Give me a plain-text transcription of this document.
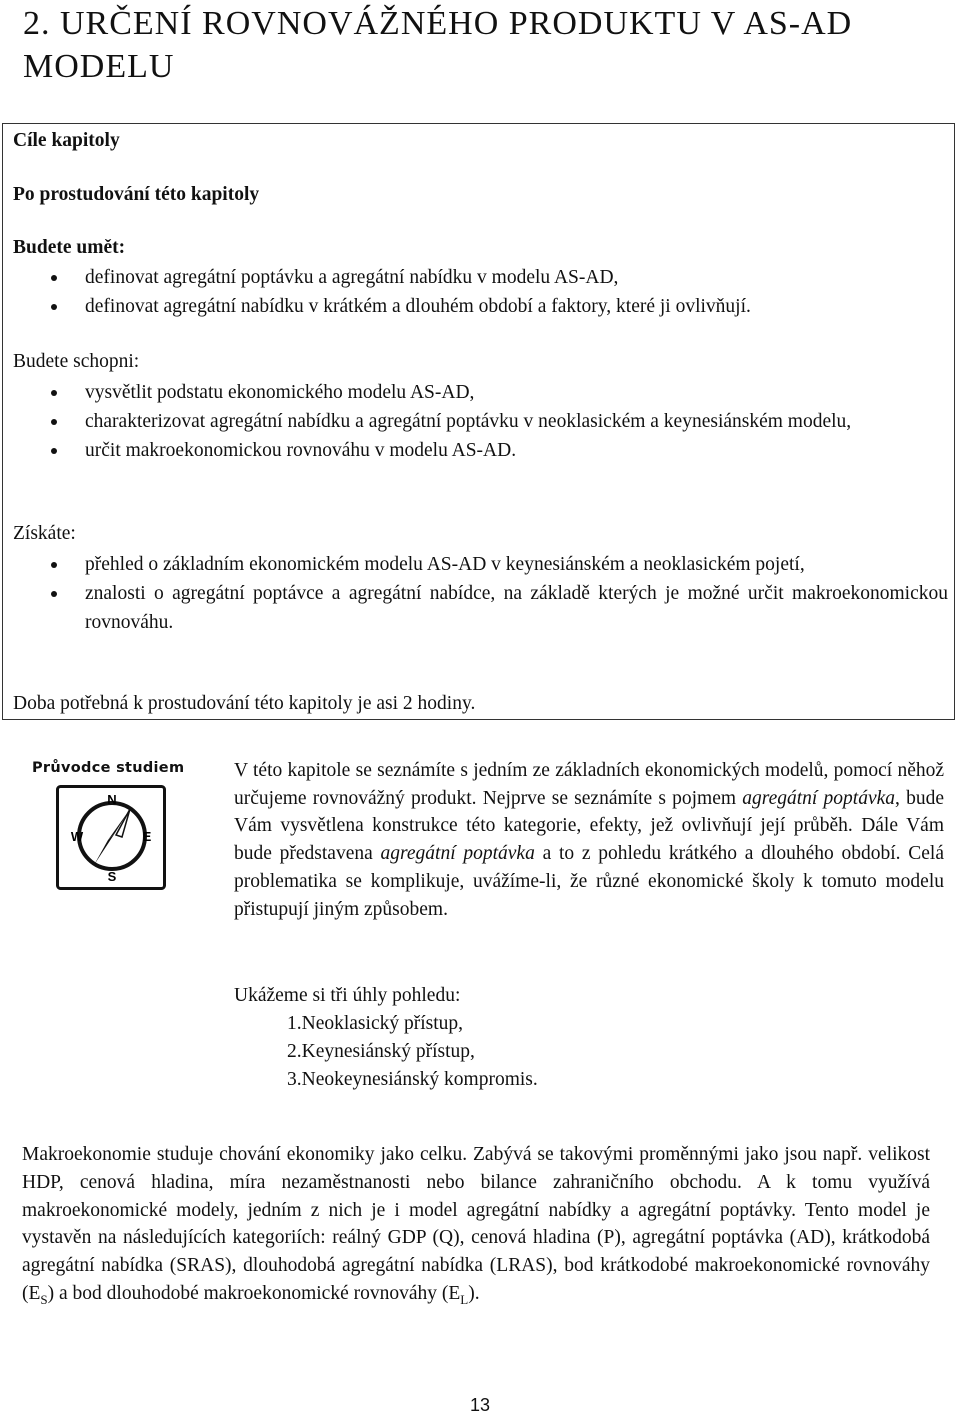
2. URČENÍ ROVNOVÁŽNÉHO PRODUKTU V AS-AD MODELU
Cíle kapitoly
Po prostudování této kapitoly
Budete umět:
definovat agregátní poptávku a agregátní nabídku v modelu AS-AD,
definovat agregátní nabídku v krátkém a dlouhém období a faktory, které ji ovlivňují.
Budete schopni:
vysvětlit podstatu ekonomického modelu AS-AD,
charakterizovat agregátní nabídku a agregátní poptávku v neoklasickém a keynesiánském modelu,
určit makroekonomickou rovnováhu v modelu AS-AD.
Získáte:
přehled o základním ekonomickém modelu AS-AD v keynesiánském a neoklasickém pojetí,
znalosti o agregátní poptávce a agregátní nabídce, na základě kterých je možné určit makroekonomickou rovnováhu.
Doba potřebná k prostudování této kapitoly je asi 2 hodiny.
Průvodce studiem
N
S
E
W

V této kapitole se seznámíte s jedním ze základních ekonomických modelů, pomocí něhož určujeme rovnovážný produkt. Nejprve se seznámíte s pojmem agregátní poptávka, bude Vám vysvětlena konstrukce této kategorie, efekty, jež ovlivňují její průběh. Dále Vám bude představena agregátní poptávka a to z pohledu krátkého a dlouhého období. Celá problematika se komplikuje, uvážíme-li, že různé ekonomické školy k tomuto modelu přistupují jiným způsobem.

Ukážeme si tři úhly pohledu:
1.Neoklasický přístup,
2.Keynesiánský přístup,
3.Neokeynesiánský kompromis.

Makroekonomie studuje chování ekonomiky jako celku. Zabývá se takovými proměnnými jako jsou např. velikost HDP, cenová hladina, míra nezaměstnanosti nebo bilance zahraničního obchodu. A k tomu využívá makroekonomické modely, jedním z nich je i model agregátní nabídky a agregátní poptávky. Tento model je vystavěn na následujících kategoriích: reálný GDP (Q), cenová hladina (P), agregátní poptávka (AD), krátkodobá agregátní nabídka (SRAS), dlouhodobá agregátní nabídka (LRAS), bod krátkodobé makroekonomické rovnováhy $(E_S)$ a bod dlouhodobé makroekonomické rovnováhy $(E_L)$.

13
